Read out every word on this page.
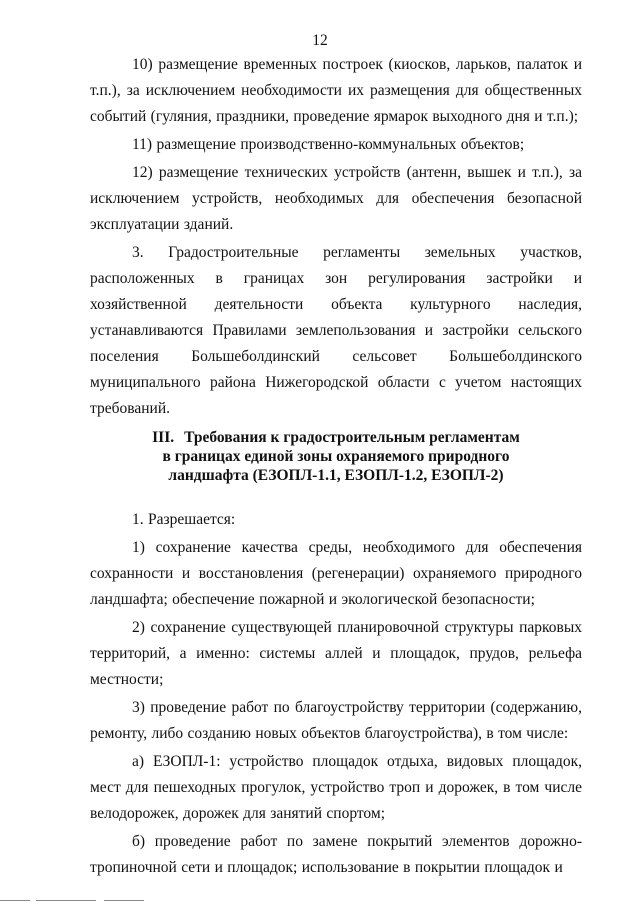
12

10) размещение временных построек (киосков, ларьков, палаток и т.п.), за исключением необходимости их размещения для общественных событий (гуляния, праздники, проведение ярмарок выходного дня и т.п.);

11) размещение производственно-коммунальных объектов;

12) размещение технических устройств (антенн, вышек и т.п.), за исключением устройств, необходимых для обеспечения безопасной эксплуатации зданий.

3. Градостроительные регламенты земельных участков, расположенных в границах зон регулирования застройки и хозяйственной деятельности объекта культурного наследия, устанавливаются Правилами землепользования и застройки сельского поселения Большеболдинский сельсовет Большеболдинского муниципального района Нижегородской области с учетом настоящих требований.

III. Требования к градостроительным регламентам
в границах единой зоны охраняемого природного
ландшафта (ЕЗОПЛ-1.1, ЕЗОПЛ-1.2, ЕЗОПЛ-2)

1. Разрешается:

1) сохранение качества среды, необходимого для обеспечения сохранности и восстановления (регенерации) охраняемого природного ландшафта; обеспечение пожарной и экологической безопасности;

2) сохранение существующей планировочной структуры парковых территорий, а именно: системы аллей и площадок, прудов, рельефа местности;

3) проведение работ по благоустройству территории (содержанию, ремонту, либо созданию новых объектов благоустройства), в том числе:

а) ЕЗОПЛ-1: устройство площадок отдыха, видовых площадок, мест для пешеходных прогулок, устройство троп и дорожек, в том числе велодорожек, дорожек для занятий спортом;

б) проведение работ по замене покрытий элементов дорожно-тропиночной сети и площадок; использование в покрытии площадок и
